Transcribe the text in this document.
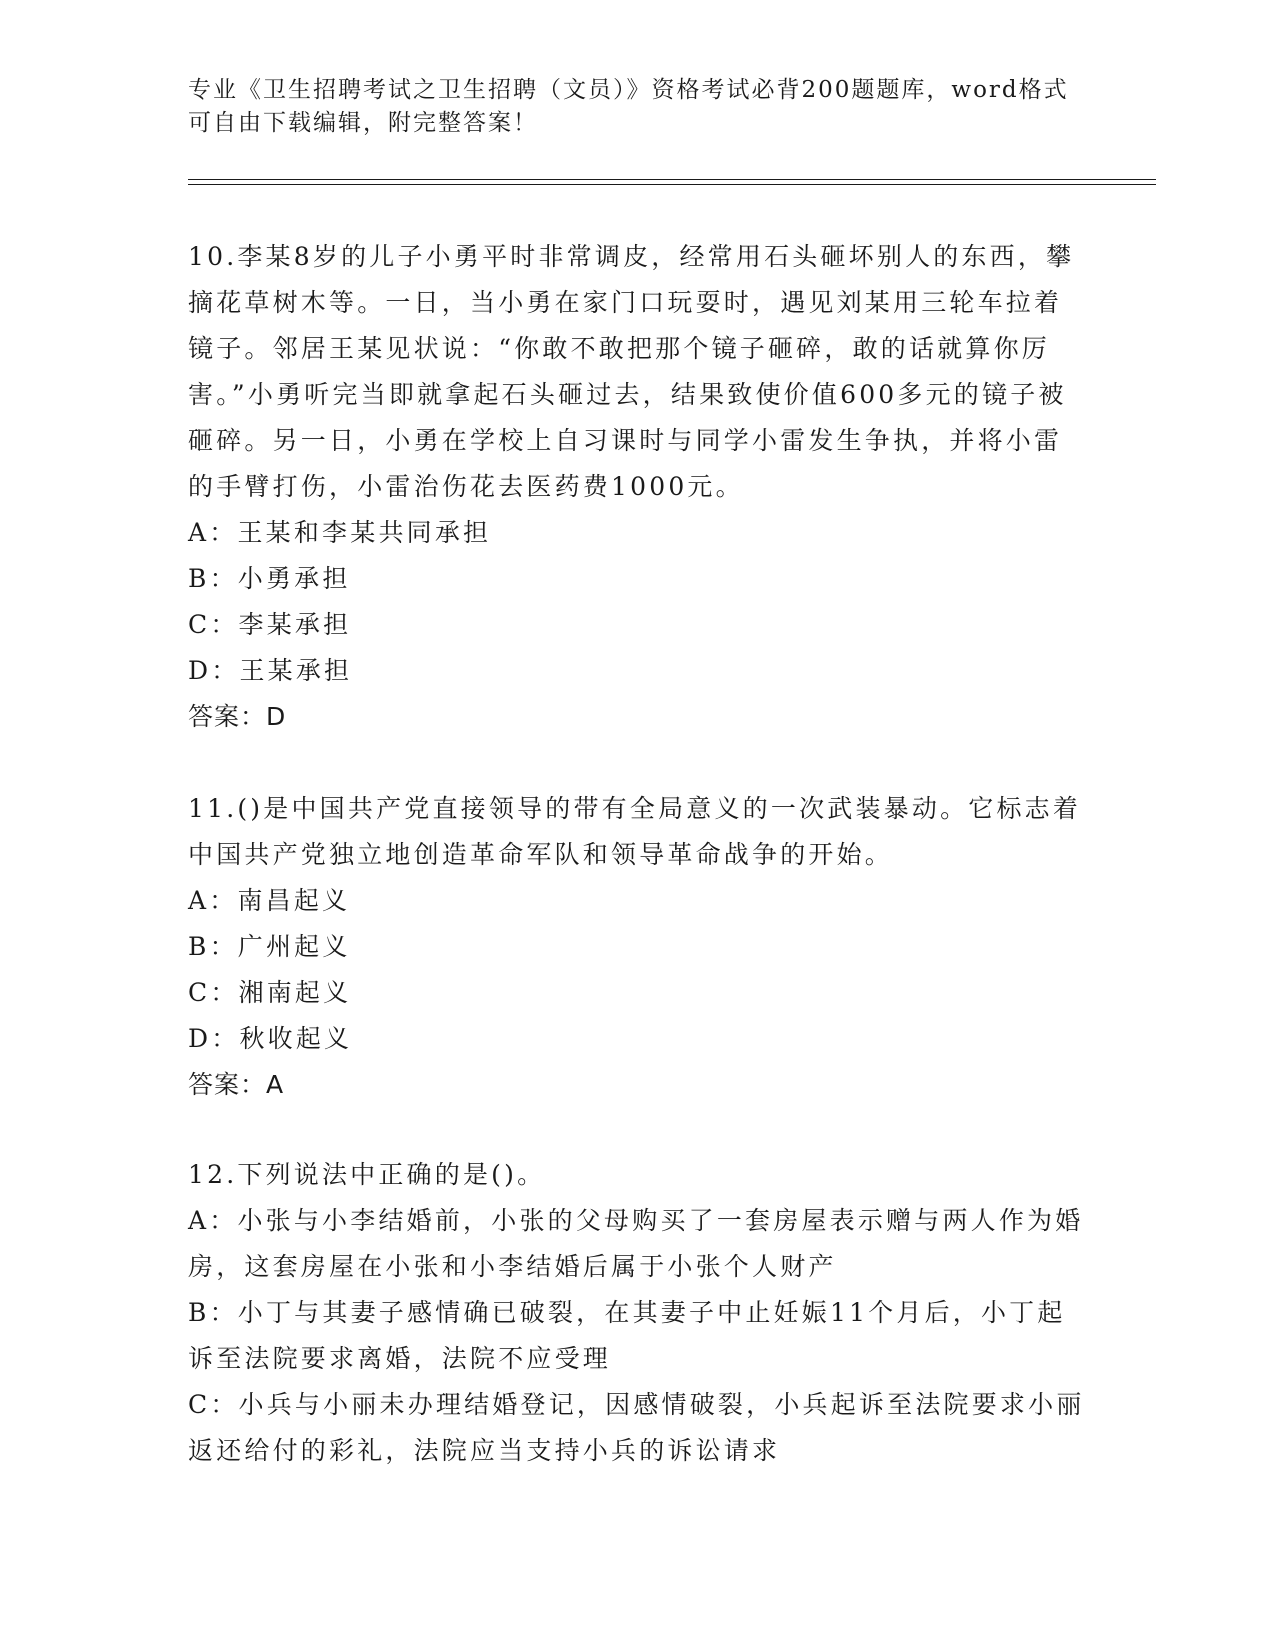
专业《卫生招聘考试之卫生招聘（文员）》资格考试必背200题题库，word格式
可自由下载编辑，附完整答案！

10.李某8岁的儿子小勇平时非常调皮，经常用石头砸坏别人的东西，攀摘花草树木等。一日，当小勇在家门口玩耍时，遇见刘某用三轮车拉着镜子。邻居王某见状说：“你敢不敢把那个镜子砸碎，敢的话就算你厉害。”小勇听完当即就拿起石头砸过去，结果致使价值600多元的镜子被砸碎。另一日，小勇在学校上自习课时与同学小雷发生争执，并将小雷的手臂打伤，小雷治伤花去医药费1000元。

A：王某和李某共同承担

B：小勇承担

C：李某承担

D：王某承担

答案：D

11.()是中国共产党直接领导的带有全局意义的一次武装暴动。它标志着中国共产党独立地创造革命军队和领导革命战争的开始。

A：南昌起义

B：广州起义

C：湘南起义

D：秋收起义

答案：A

12.下列说法中正确的是()。

A：小张与小李结婚前，小张的父母购买了一套房屋表示赠与两人作为婚房，这套房屋在小张和小李结婚后属于小张个人财产

B：小丁与其妻子感情确已破裂，在其妻子中止妊娠11个月后，小丁起诉至法院要求离婚，法院不应受理

C：小兵与小丽未办理结婚登记，因感情破裂，小兵起诉至法院要求小丽返还给付的彩礼，法院应当支持小兵的诉讼请求
